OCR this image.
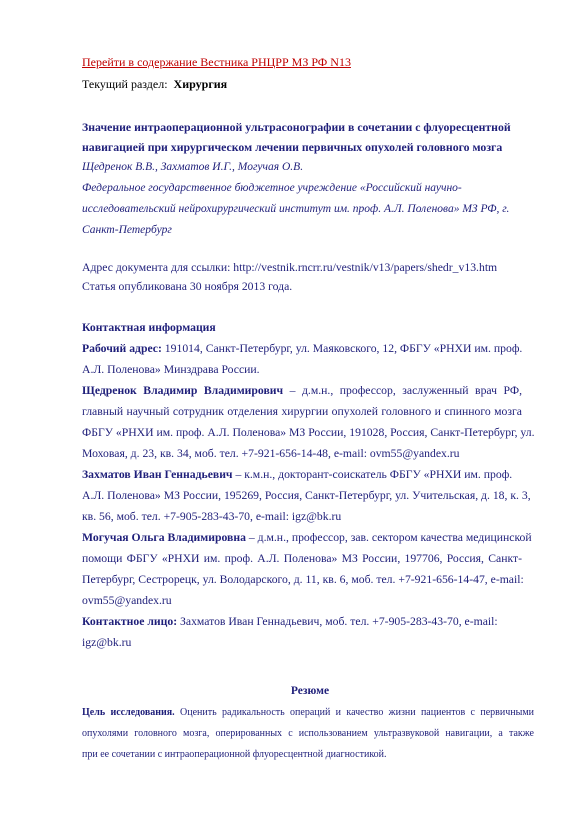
Перейти в содержание Вестника РНЦРР МЗ РФ N13
Текущий раздел: Хирургия
Значение интраоперационной ультрасонографии в сочетании с флуоресцентной
навигацией при хирургическом лечении первичных опухолей головного мозга
Щедренок В.В., Захматов И.Г., Могучая О.В.
Федеральное государственное бюджетное учреждение «Российский научно-
исследовательский нейрохирургический институт им. проф. А.Л. Поленова» МЗ РФ, г.
Санкт-Петербург
Адрес документа для ссылки: http://vestnik.rncrr.ru/vestnik/v13/papers/shedr_v13.htm
Статья опубликована 30 ноября 2013 года.
Контактная информация
Рабочий адрес: 191014, Санкт-Петербург, ул. Маяковского, 12, ФБГУ «РНХИ им. проф.
А.Л. Поленова» Минздрава России.
Щедренок Владимир Владимирович – д.м.н., профессор, заслуженный врач РФ,
главный научный сотрудник отделения хирургии опухолей головного и спинного мозга
ФБГУ «РНХИ им. проф. А.Л. Поленова» МЗ России, 191028, Россия, Санкт-Петербург, ул.
Моховая, д. 23, кв. 34, моб. тел. +7-921-656-14-48, e-mail: ovm55@yandex.ru
Захматов Иван Геннадьевич – к.м.н., докторант-соискатель ФБГУ «РНХИ им. проф.
А.Л. Поленова» МЗ России, 195269, Россия, Санкт-Петербург, ул. Учительская, д. 18, к. 3,
кв. 56, моб. тел. +7-905-283-43-70, e-mail: igz@bk.ru
Могучая Ольга Владимировна – д.м.н., профессор, зав. сектором качества медицинской
помощи ФБГУ «РНХИ им. проф. А.Л. Поленова» МЗ России, 197706, Россия, Санкт-
Петербург, Сестрорецк, ул. Володарского, д. 11, кв. 6, моб. тел. +7-921-656-14-47, e-mail:
ovm55@yandex.ru
Контактное лицо: Захматов Иван Геннадьевич, моб. тел. +7-905-283-43-70, e-mail:
igz@bk.ru
Резюме
Цель исследования. Оценить радикальность операций и качество жизни пациентов с первичными
опухолями головного мозга, оперированных с использованием ультразвуковой навигации, а также
при ее сочетании с интраоперационной флуоресцентной диагностикой.
